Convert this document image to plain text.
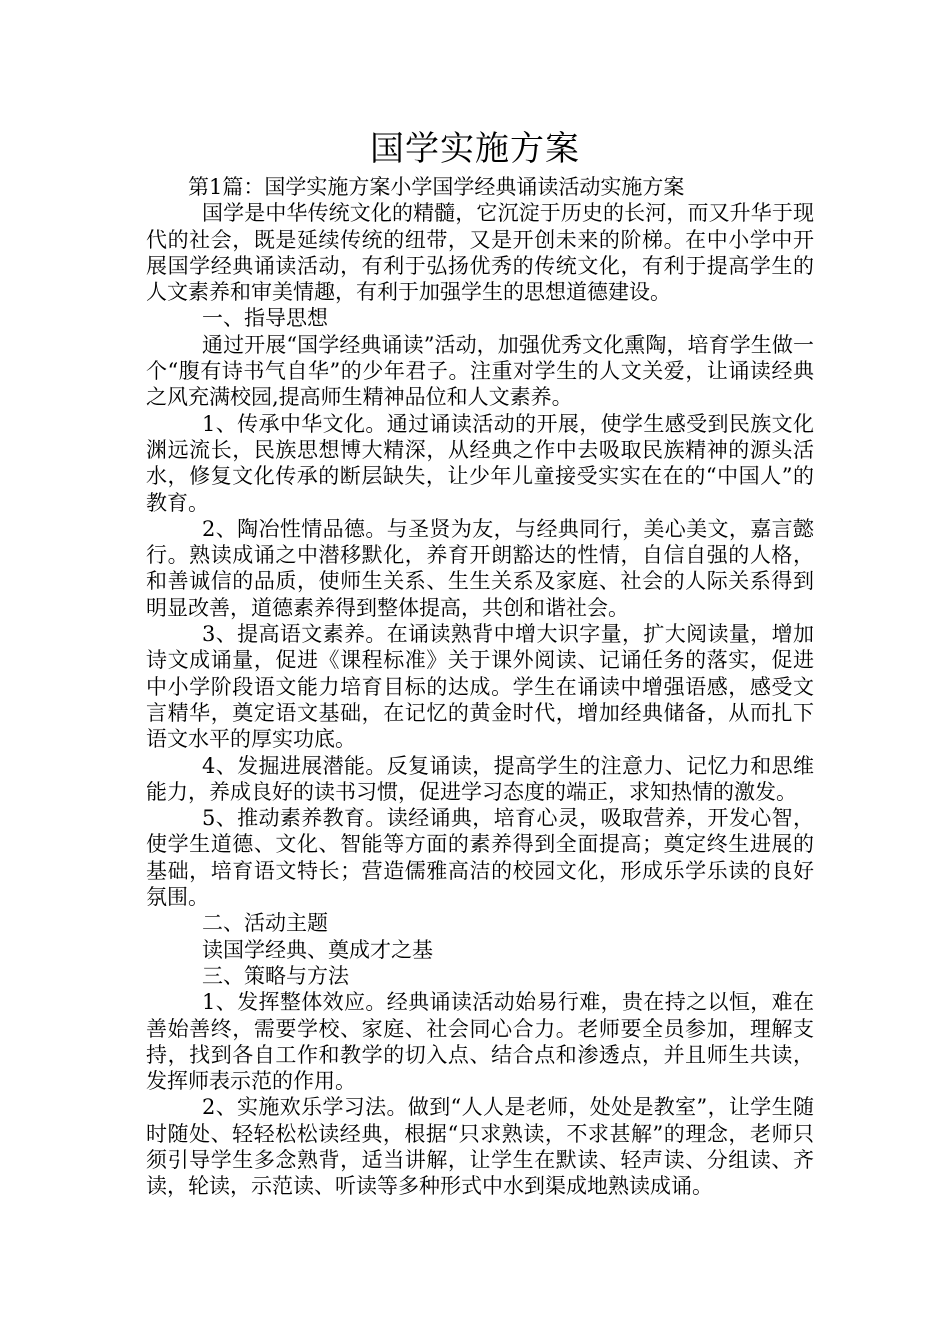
国学实施方案

第1篇：国学实施方案小学国学经典诵读活动实施方案

国学是中华传统文化的精髓，它沉淀于历史的长河，而又升华于现代的社会，既是延续传统的纽带，又是开创未来的阶梯。在中小学中开展国学经典诵读活动，有利于弘扬优秀的传统文化，有利于提高学生的人文素养和审美情趣，有利于加强学生的思想道德建设。

一、指导思想

通过开展“国学经典诵读”活动，加强优秀文化熏陶，培育学生做一个“腹有诗书气自华”的少年君子。注重对学生的人文关爱，让诵读经典之风充满校园,提高师生精神品位和人文素养。

1、传承中华文化。通过诵读活动的开展，使学生感受到民族文化渊远流长，民族思想博大精深，从经典之作中去吸取民族精神的源头活水，修复文化传承的断层缺失，让少年儿童接受实实在在的“中国人”的教育。

2、陶冶性情品德。与圣贤为友，与经典同行，美心美文，嘉言懿行。熟读成诵之中潜移默化，养育开朗豁达的性情，自信自强的人格，和善诚信的品质，使师生关系、生生关系及家庭、社会的人际关系得到明显改善，道德素养得到整体提高，共创和谐社会。

3、提高语文素养。在诵读熟背中增大识字量，扩大阅读量，增加诗文成诵量，促进《课程标准》关于课外阅读、记诵任务的落实，促进中小学阶段语文能力培育目标的达成。学生在诵读中增强语感，感受文言精华，奠定语文基础，在记忆的黄金时代，增加经典储备，从而扎下语文水平的厚实功底。

4、发掘进展潜能。反复诵读，提高学生的注意力、记忆力和思维能力，养成良好的读书习惯，促进学习态度的端正，求知热情的激发。

5、推动素养教育。读经诵典，培育心灵，吸取营养，开发心智，使学生道德、文化、智能等方面的素养得到全面提高；奠定终生进展的基础，培育语文特长；营造儒雅高洁的校园文化，形成乐学乐读的良好氛围。

二、活动主题

读国学经典、奠成才之基

三、策略与方法

1、发挥整体效应。经典诵读活动始易行难，贵在持之以恒，难在善始善终，需要学校、家庭、社会同心合力。老师要全员参加，理解支持，找到各自工作和教学的切入点、结合点和渗透点，并且师生共读，发挥师表示范的作用。

2、实施欢乐学习法。做到“人人是老师，处处是教室”，让学生随时随处、轻轻松松读经典，根据“只求熟读，不求甚解”的理念，老师只须引导学生多念熟背，适当讲解，让学生在默读、轻声读、分组读、齐读，轮读，示范读、听读等多种形式中水到渠成地熟读成诵。
